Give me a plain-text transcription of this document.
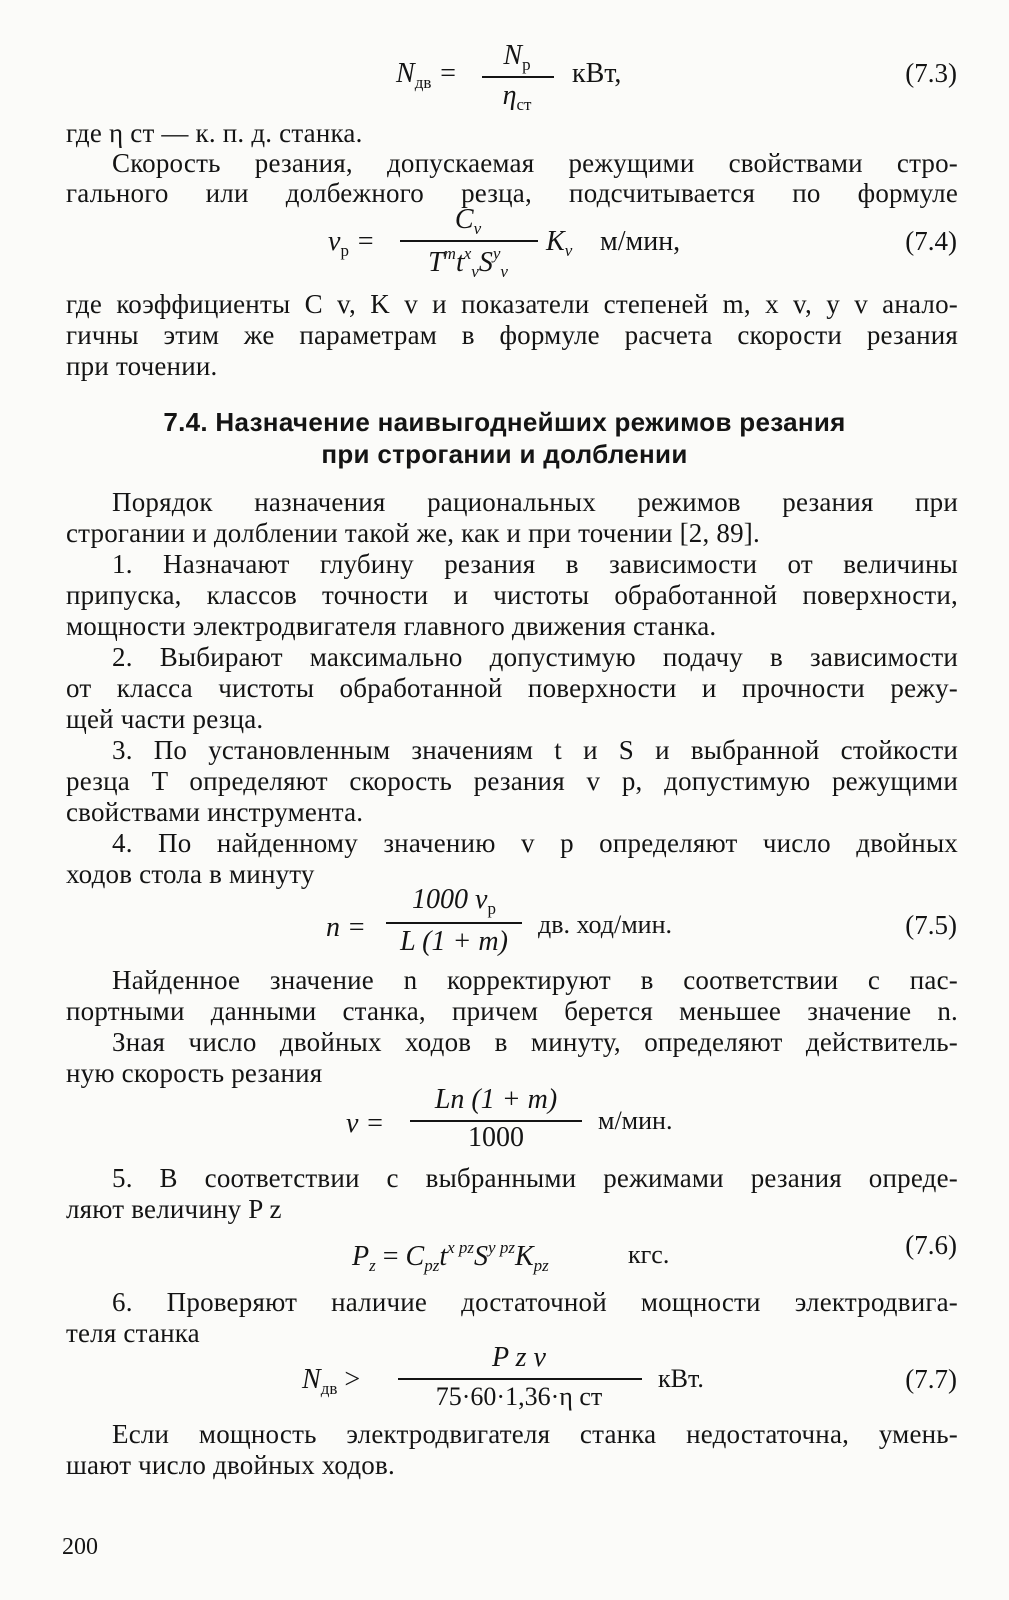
$N_{дв}$ =
$N_р$
$\eta_{ст}$
кВт,	(7.3)
где η ст — к. п. д. станка.
Скорость резания, допускаемая режущими свойствами стро-
гального или долбежного резца, подсчитывается по формуле
$v_р$ =
$C_v$
$T^mt^x_vS^y_v$
$K_v$ м/мин,	(7.4)
где коэффициенты C v, K v и показатели степеней m, x v, y v анало-
гичны этим же параметрам в формуле расчета скорости резания
при точении.
7.4. Назначение наивыгоднейших режимов резания
при строгании и долблении
Порядок назначения рациональных режимов резания при
строгании и долблении такой же, как и при точении [2, 89].
1. Назначают глубину резания в зависимости от величины
припуска, классов точности и чистоты обработанной поверхности,
мощности электродвигателя главного движения станка.
2. Выбирают максимально допустимую подачу в зависимости
от класса чистоты обработанной поверхности и прочности режу-
щей части резца.
3. По установленным значениям t и S и выбранной стойкости
резца T определяют скорость резания v р, допустимую режущими
свойствами инструмента.
4. По найденному значению v р определяют число двойных
ходов стола в минуту
n =
1000 $v_р$
L (1 + m)
дв. ход/мин.	(7.5)
Найденное значение n корректируют в соответствии с пас-
портными данными станка, причем берется меньшее значение n.
Зная число двойных ходов в минуту, определяют действитель-
ную скорость резания
v =
Ln (1 + m)
1000
м/мин.
5. В соответствии с выбранными режимами резания опреде-
ляют величину P z
$P_z = C_{pz}t^{x pz}S^{y pz}K_{pz}$	кгс.	(7.6)
6. Проверяют наличие достаточной мощности электродвига-
теля станка
$N_{дв}$ >
P z v
75·60·1,36·η ст
кВт.	(7.7)
Если мощность электродвигателя станка недостаточна, умень-
шают число двойных ходов.
200
